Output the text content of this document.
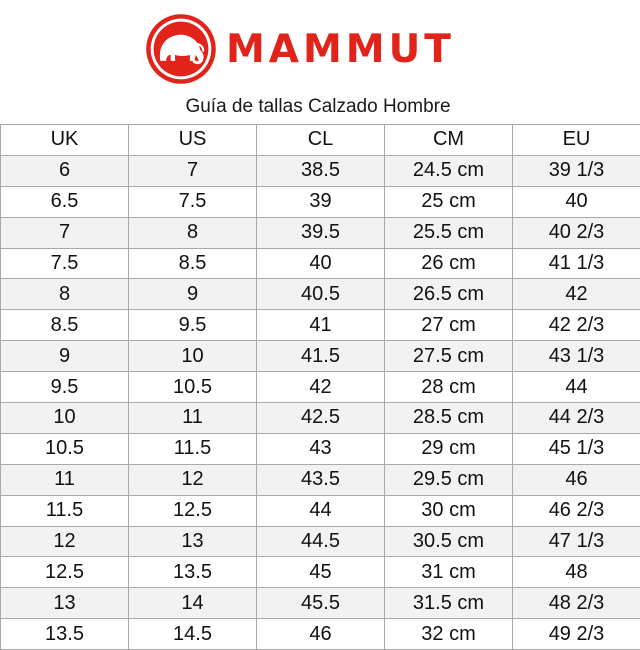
MAMMUT
Guía de tallas Calzado Hombre
UK	US	CL	CM	EU
6	7	38.5	24.5 cm	39 1/3
6.5	7.5	39	25 cm	40
7	8	39.5	25.5 cm	40 2/3
7.5	8.5	40	26 cm	41 1/3
8	9	40.5	26.5 cm	42
8.5	9.5	41	27 cm	42 2/3
9	10	41.5	27.5 cm	43 1/3
9.5	10.5	42	28 cm	44
10	11	42.5	28.5 cm	44 2/3
10.5	11.5	43	29 cm	45 1/3
11	12	43.5	29.5 cm	46
11.5	12.5	44	30 cm	46 2/3
12	13	44.5	30.5 cm	47 1/3
12.5	13.5	45	31 cm	48
13	14	45.5	31.5 cm	48 2/3
13.5	14.5	46	32 cm	49 2/3
